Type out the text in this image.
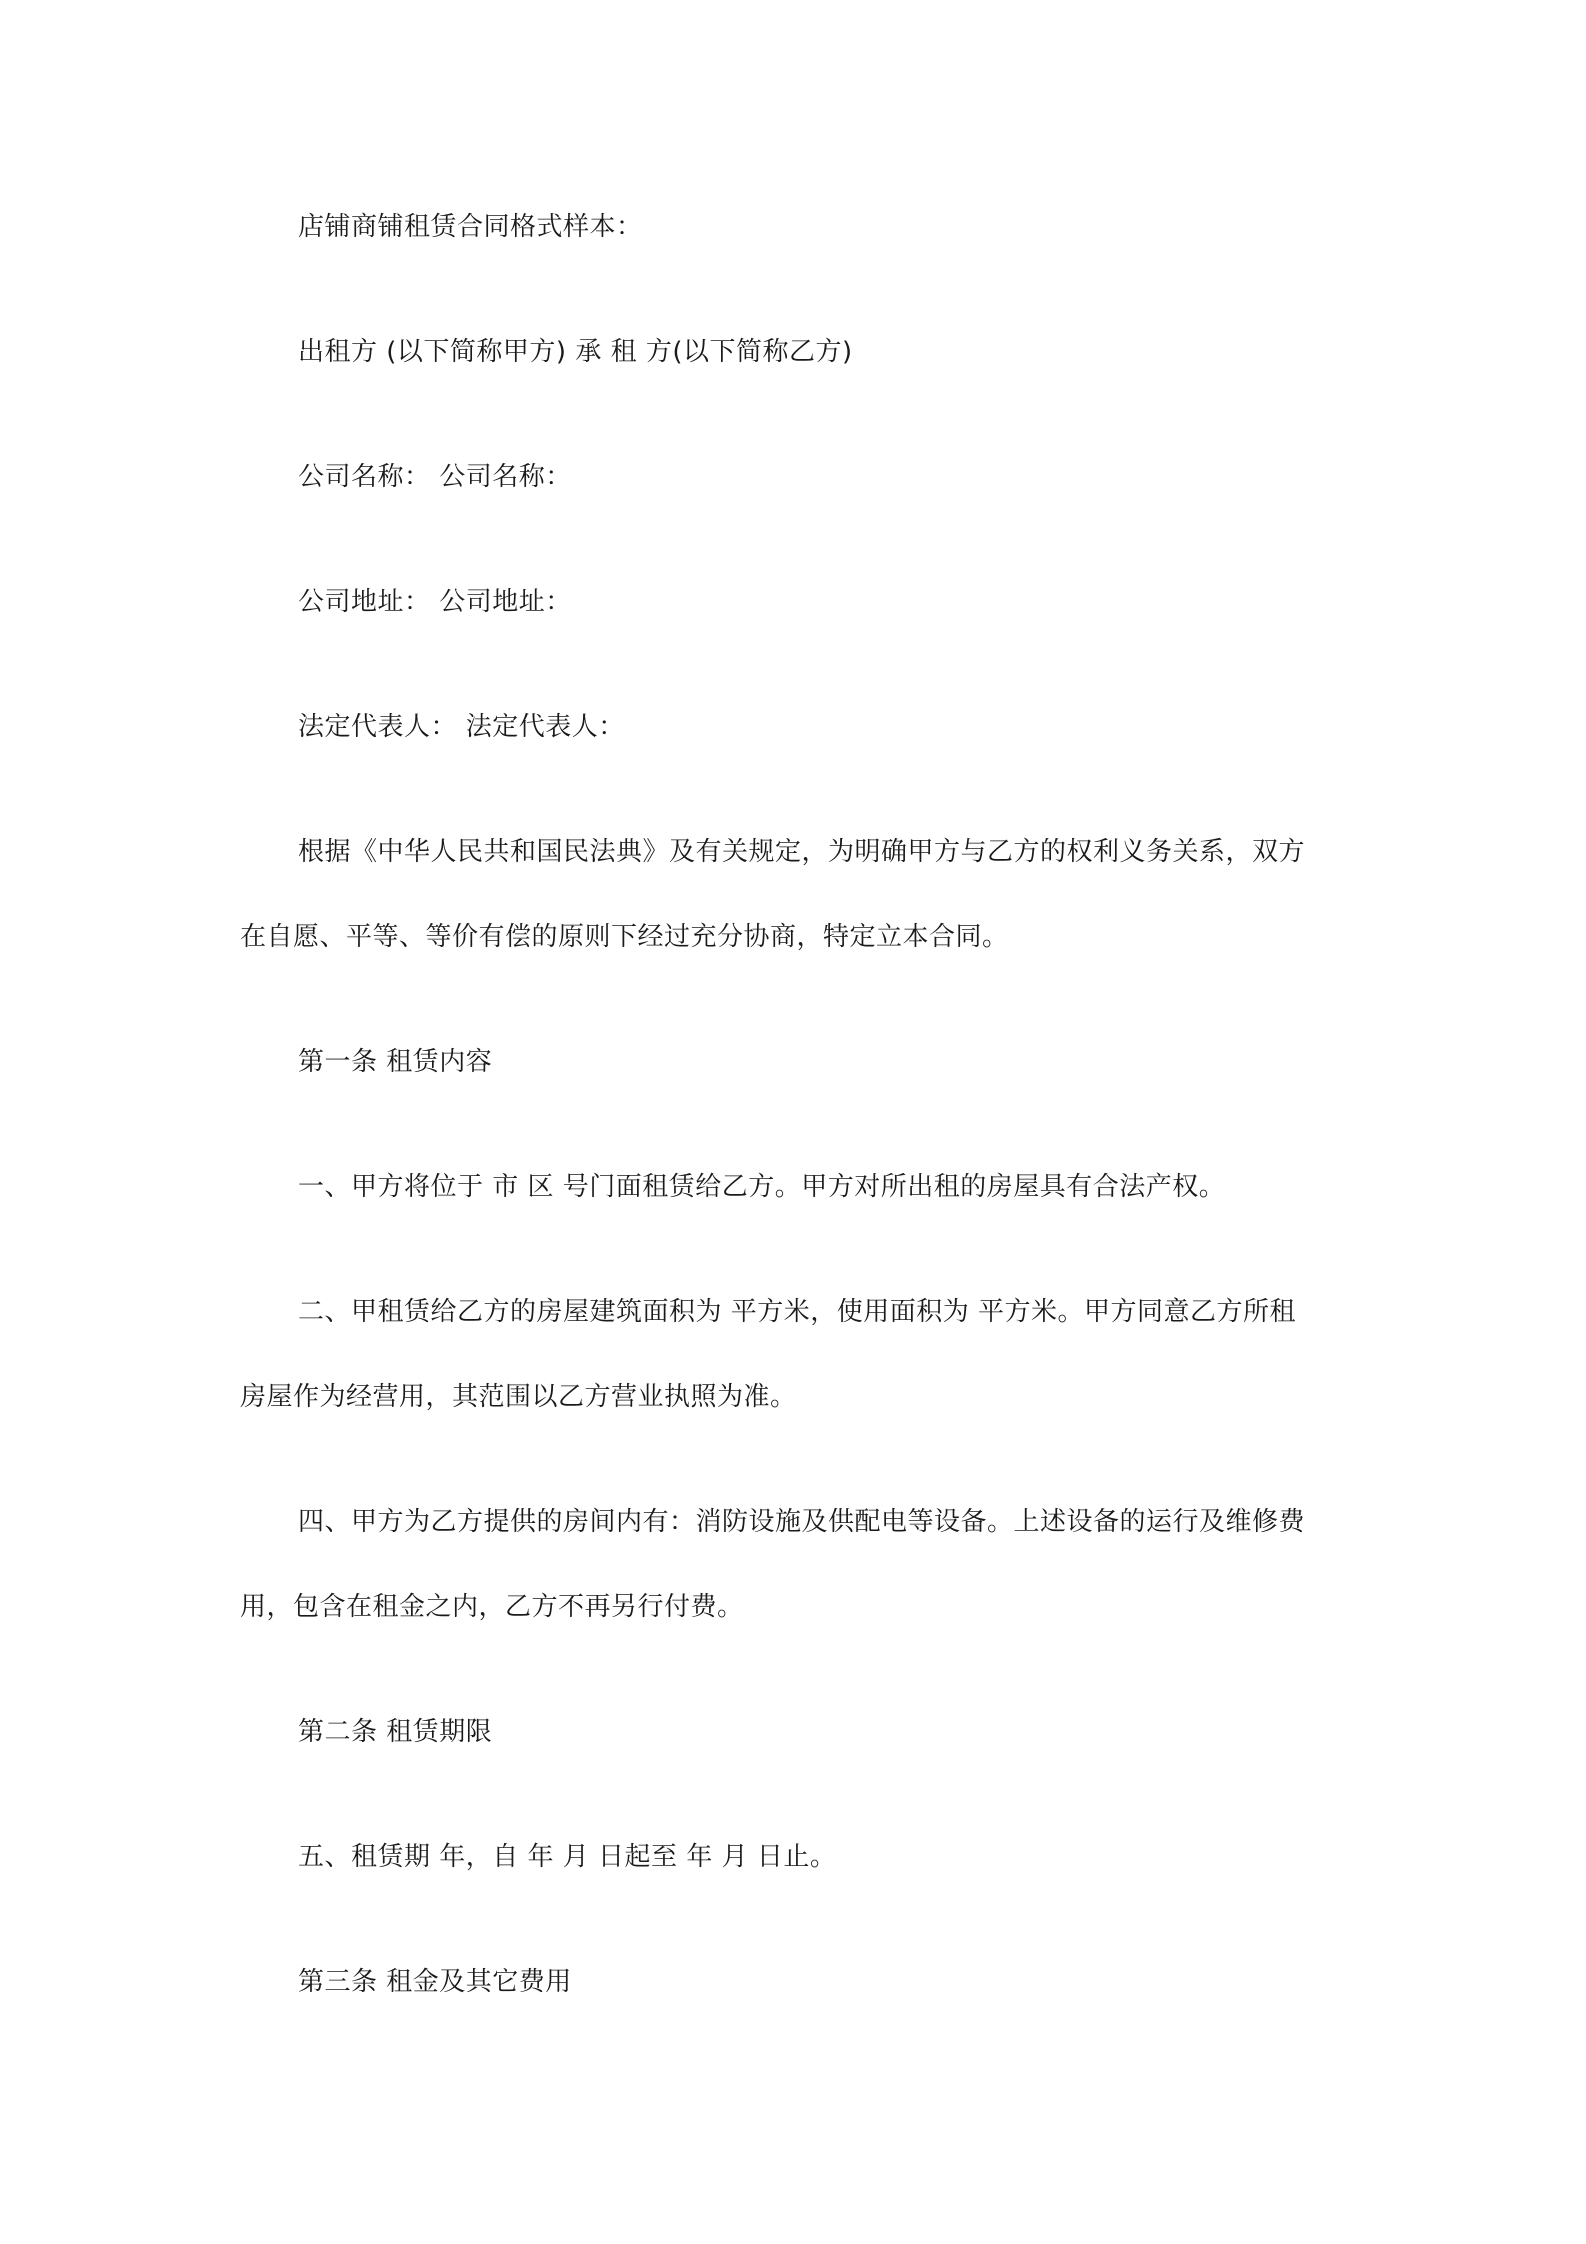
店铺商铺租赁合同格式样本：
出租方 (以下简称甲方) 承 租 方(以下简称乙方)
公司名称： 公司名称：
公司地址： 公司地址：
法定代表人： 法定代表人：
根据《中华人民共和国民法典》及有关规定，为明确甲方与乙方的权利义务关系，双方
在自愿、平等、等价有偿的原则下经过充分协商，特定立本合同。
第一条 租赁内容
一、甲方将位于 市 区 号门面租赁给乙方。甲方对所出租的房屋具有合法产权。
二、甲租赁给乙方的房屋建筑面积为 平方米，使用面积为 平方米。甲方同意乙方所租
房屋作为经营用，其范围以乙方营业执照为准。
四、甲方为乙方提供的房间内有：消防设施及供配电等设备。上述设备的运行及维修费
用，包含在租金之内，乙方不再另行付费。
第二条 租赁期限
五、租赁期 年，自 年 月 日起至 年 月 日止。
第三条 租金及其它费用
